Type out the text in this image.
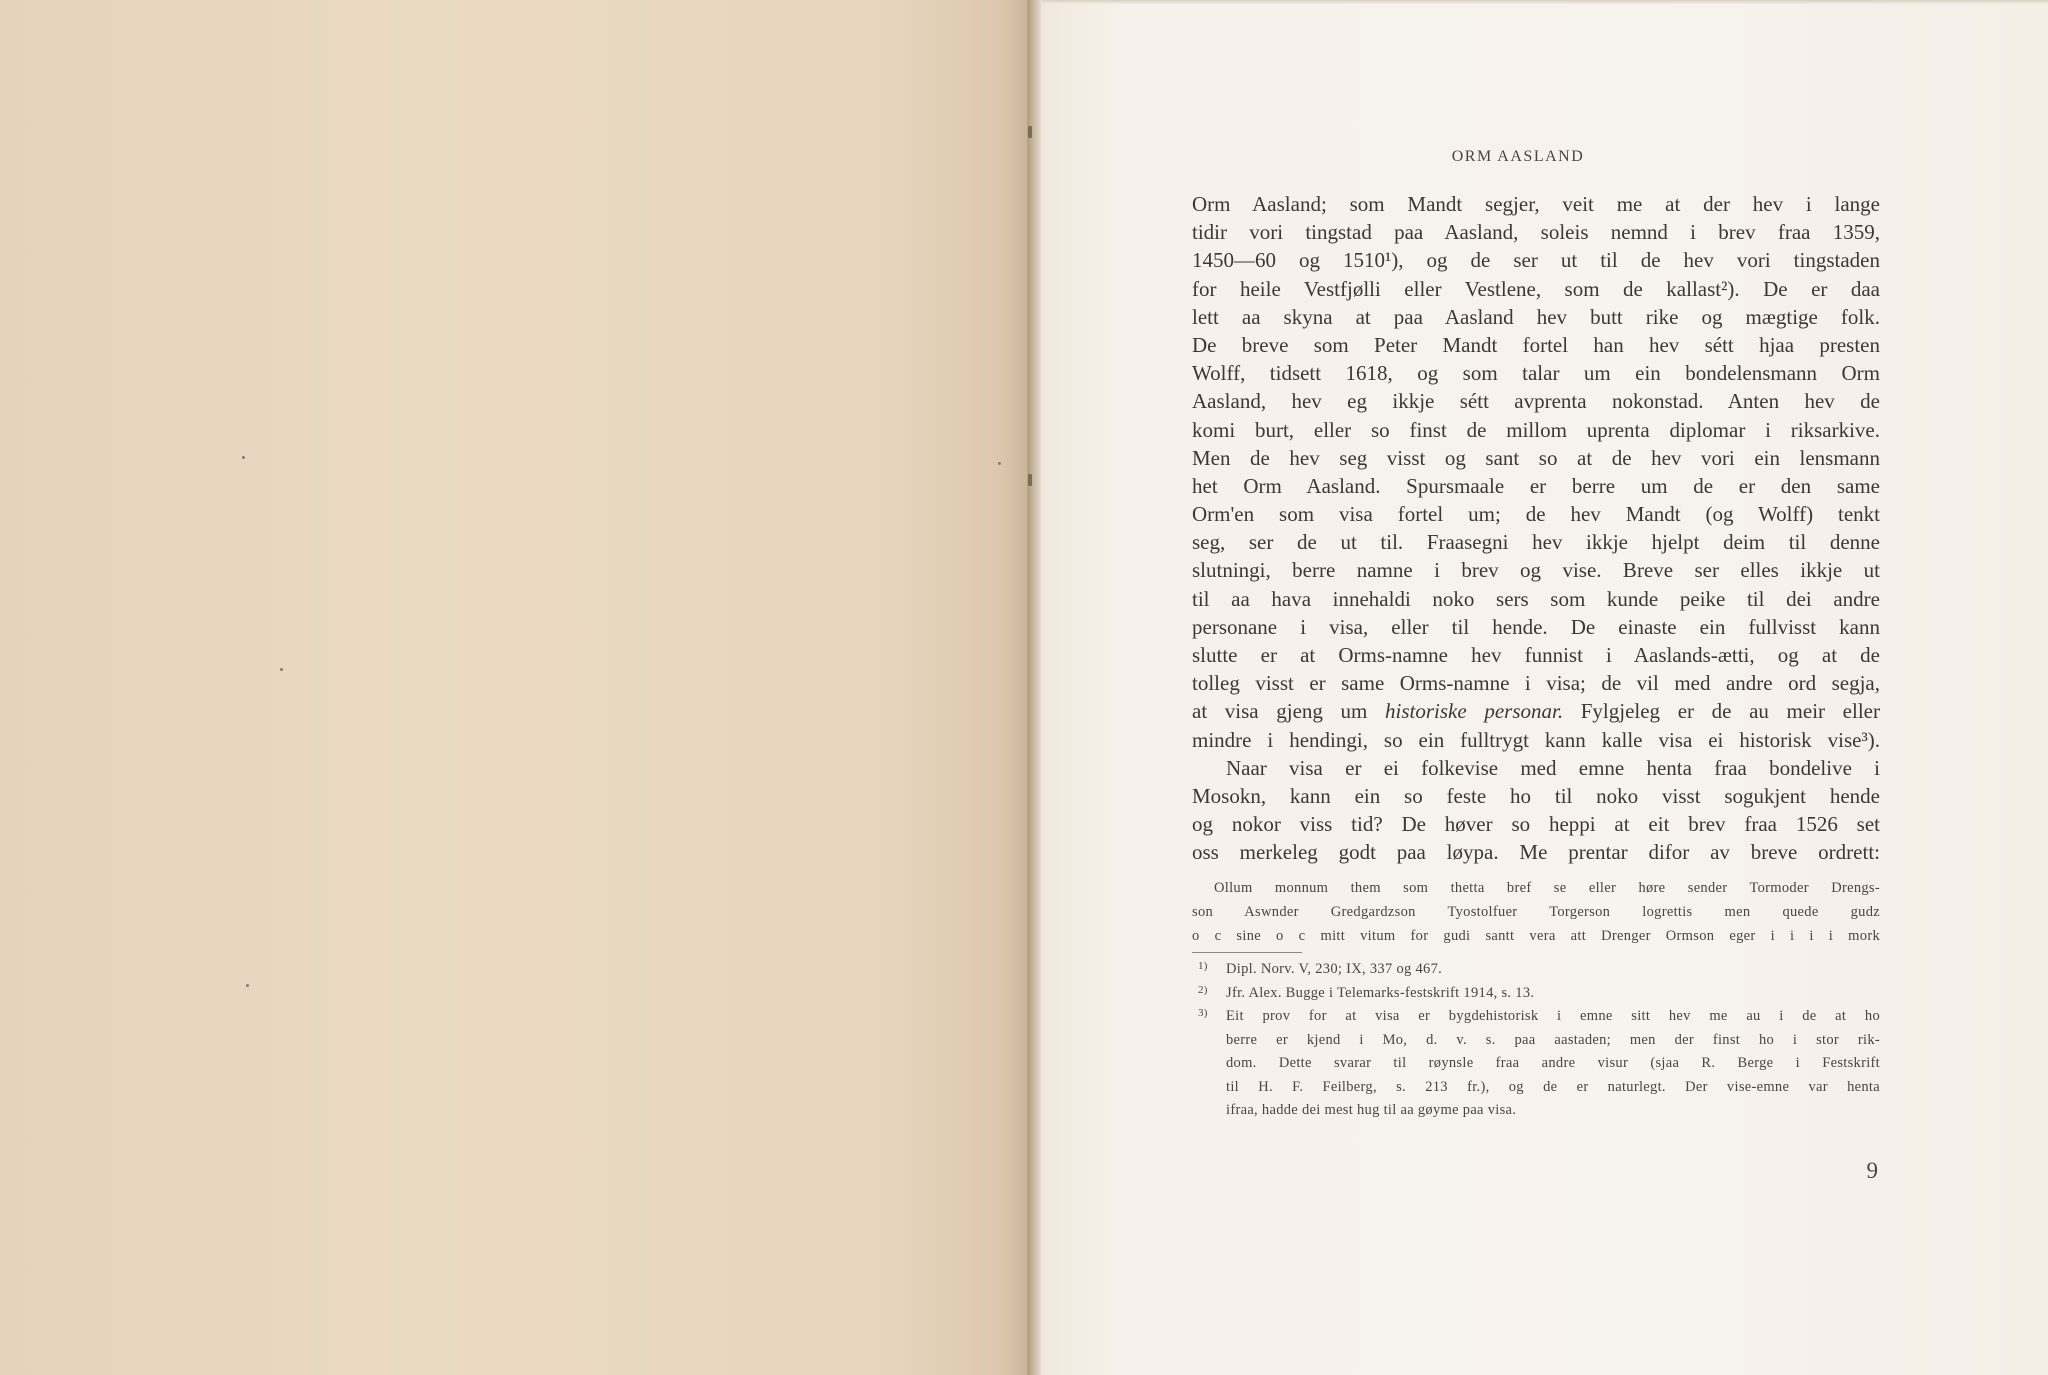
ORM AASLAND
Orm Aasland; som Mandt segjer, veit me at der hev i lange
tidir vori tingstad paa Aasland, soleis nemnd i brev fraa 1359,
1450—60 og 1510¹), og de ser ut til de hev vori tingstaden
for heile Vestfjølli eller Vestlene, som de kallast²). De er daa
lett aa skyna at paa Aasland hev butt rike og mægtige folk.
De breve som Peter Mandt fortel han hev sétt hjaa presten
Wolff, tidsett 1618, og som talar um ein bondelensmann Orm
Aasland, hev eg ikkje sétt avprenta nokonstad. Anten hev de
komi burt, eller so finst de millom uprenta diplomar i riksarkive.
Men de hev seg visst og sant so at de hev vori ein lensmann
het Orm Aasland. Spursmaale er berre um de er den same
Orm'en som visa fortel um; de hev Mandt (og Wolff) tenkt
seg, ser de ut til. Fraasegni hev ikkje hjelpt deim til denne
slutningi, berre namne i brev og vise. Breve ser elles ikkje ut
til aa hava innehaldi noko sers som kunde peike til dei andre
personane i visa, eller til hende. De einaste ein fullvisst kann
slutte er at Orms-namne hev funnist i Aaslands-ætti, og at de
tolleg visst er same Orms-namne i visa; de vil med andre ord segja,
at visa gjeng um historiske personar. Fylgjeleg er de au meir eller
mindre i hendingi, so ein fulltrygt kann kalle visa ei historisk vise³).
Naar visa er ei folkevise med emne henta fraa bondelive i
Mosokn, kann ein so feste ho til noko visst sogukjent hende
og nokor viss tid? De høver so heppi at eit brev fraa 1526 set
oss merkeleg godt paa løypa. Me prentar difor av breve ordrett:
Ollum monnum them som thetta bref se eller høre sender Tormoder Drengs-
son Aswnder Gredgardzson Tyostolfuer Torgerson logrettis men quede gudz
o c sine o c mitt vitum for gudi santt vera att Drenger Ormson eger i i i i mork
1) Dipl. Norv. V, 230; IX, 337 og 467.
2) Jfr. Alex. Bugge i Telemarks-festskrift 1914, s. 13.
3) Eit prov for at visa er bygdehistorisk i emne sitt hev me au i de at ho
berre er kjend i Mo, d. v. s. paa aastaden; men der finst ho i stor rik-
dom. Dette svarar til røynsle fraa andre visur (sjaa R. Berge i Festskrift
til H. F. Feilberg, s. 213 fr.), og de er naturlegt. Der vise-emne var henta
ifraa, hadde dei mest hug til aa gøyme paa visa.
9
